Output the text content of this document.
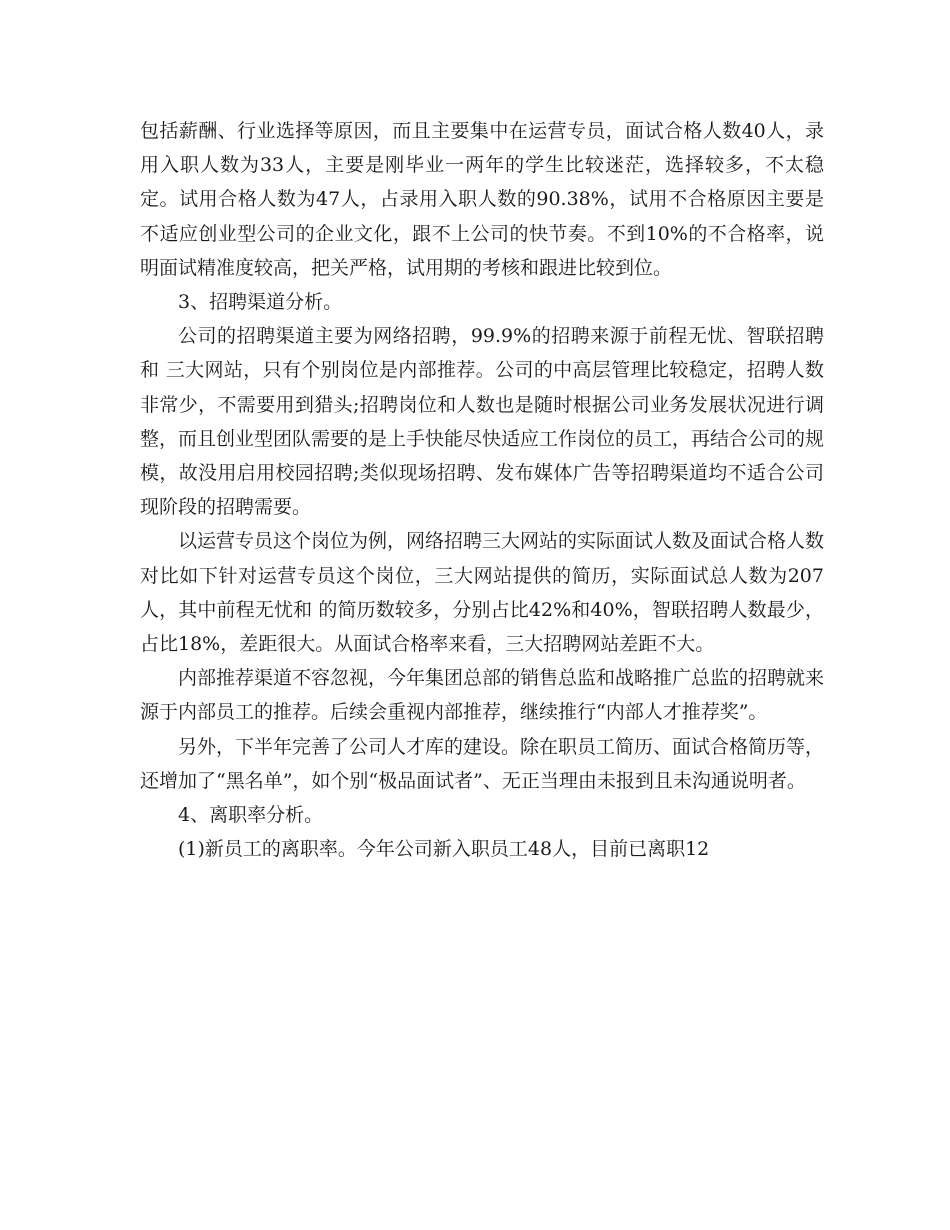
包括薪酬、行业选择等原因，而且主要集中在运营专员，面试合格人数40人，录用入职人数为33人，主要是刚毕业一两年的学生比较迷茫，选择较多，不太稳定。试用合格人数为47人，占录用入职人数的90.38%，试用不合格原因主要是不适应创业型公司的企业文化，跟不上公司的快节奏。不到10%的不合格率，说明面试精准度较高，把关严格，试用期的考核和跟进比较到位。

3、招聘渠道分析。

公司的招聘渠道主要为网络招聘，99.9%的招聘来源于前程无忧、智联招聘和 三大网站，只有个别岗位是内部推荐。公司的中高层管理比较稳定，招聘人数非常少，不需要用到猎头;招聘岗位和人数也是随时根据公司业务发展状况进行调整，而且创业型团队需要的是上手快能尽快适应工作岗位的员工，再结合公司的规模，故没用启用校园招聘;类似现场招聘、发布媒体广告等招聘渠道均不适合公司现阶段的招聘需要。

以运营专员这个岗位为例，网络招聘三大网站的实际面试人数及面试合格人数对比如下针对运营专员这个岗位，三大网站提供的简历，实际面试总人数为207人，其中前程无忧和 的简历数较多，分别占比42%和40%，智联招聘人数最少，占比18%，差距很大。从面试合格率来看，三大招聘网站差距不大。

内部推荐渠道不容忽视，今年集团总部的销售总监和战略推广总监的招聘就来源于内部员工的推荐。后续会重视内部推荐，继续推行“内部人才推荐奖”。

另外，下半年完善了公司人才库的建设。除在职员工简历、面试合格简历等，还增加了“黑名单”，如个别“极品面试者”、无正当理由未报到且未沟通说明者。

4、离职率分析。

(1)新员工的离职率。今年公司新入职员工48人，目前已离职12
